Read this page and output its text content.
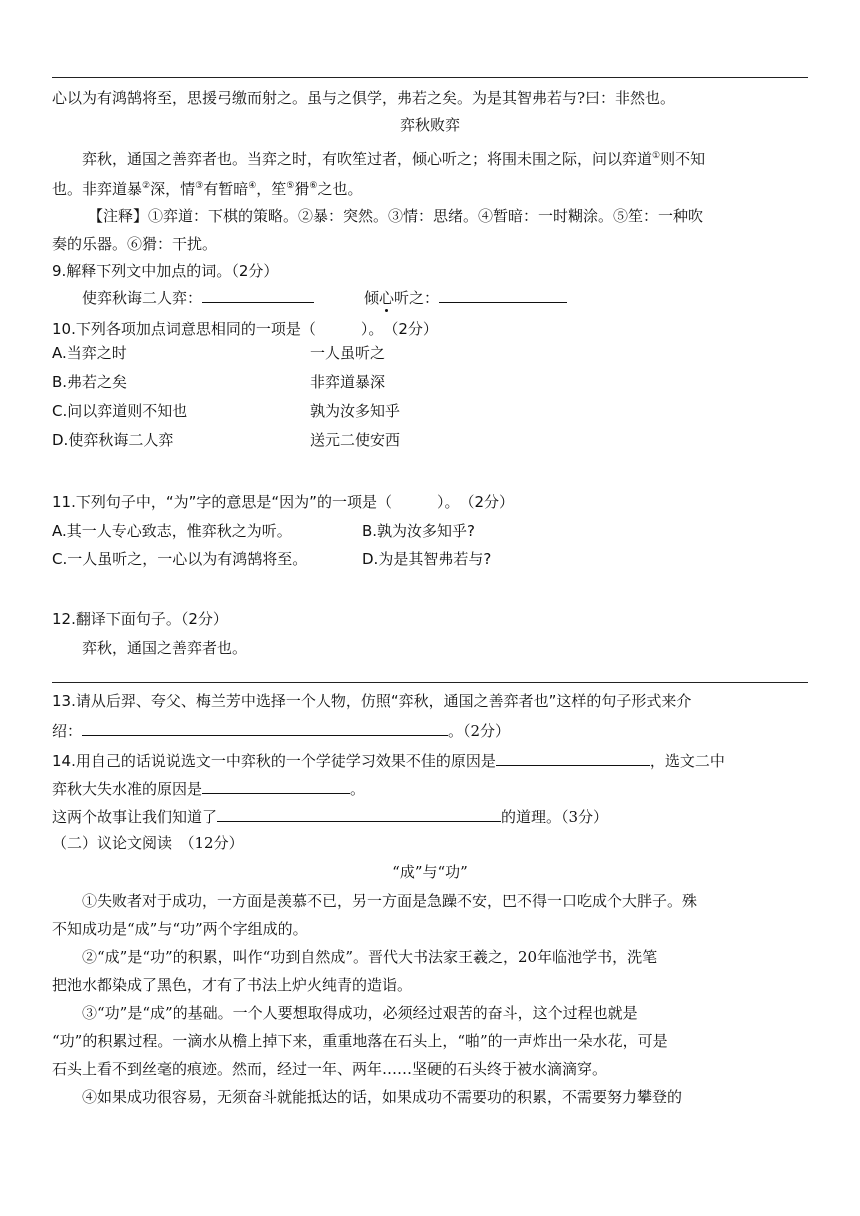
心以为有鸿鹄将至，思援弓缴而射之。虽与之俱学，弗若之矣。为是其智弗若与?曰：非然也。
弈秋败弈
弈秋，通国之善弈者也。当弈之时，有吹笙过者，倾心听之；将围未围之际，问以弈道①则不知
也。非弈道暴②深，情③有暂暗④，笙⑤猾⑥之也。
【注释】①弈道：下棋的策略。②暴：突然。③情：思绪。④暂暗：一时糊涂。⑤笙：一种吹
奏的乐器。⑥猾：干扰。
9.解释下列文中加点的词。（2分）
使弈秋诲二人弈：	倾心听之：
10.下列各项加点词意思相同的一项是（　　　）。　（2分）
A.当弈之时	一人虽听之
B.弗若之矣	非弈道暴深
C.问以弈道则不知也	孰为汝多知乎
D.使弈秋诲二人弈	送元二使安西
11.下列句子中，“为”字的意思是“因为”的一项是（　　　）。　（2分）
A.其一人专心致志，惟弈秋之为听。	B.孰为汝多知乎?
C.一人虽听之，一心以为有鸿鹄将至。	D.为是其智弗若与?
12.翻译下面句子。（2分）
弈秋，通国之善弈者也。
13.请从后羿、夸父、梅兰芳中选择一个人物，仿照“弈秋，通国之善弈者也”这样的句子形式来介
绍：	。（2分）
14.用自己的话说说选文一中弈秋的一个学徒学习效果不佳的原因是	，选文二中
弈秋大失水准的原因是	。
这两个故事让我们知道了	的道理。（3分）
（二）议论文阅读　（12分）
“成”与“功”
①失败者对于成功，一方面是羡慕不已，另一方面是急躁不安，巴不得一口吃成个大胖子。殊
不知成功是“成”与“功”两个字组成的。
②“成”是“功”的积累，叫作“功到自然成”。晋代大书法家王羲之，20年临池学书，洗笔
把池水都染成了黑色，才有了书法上炉火纯青的造诣。
③“功”是“成”的基础。一个人要想取得成功，必须经过艰苦的奋斗，这个过程也就是
“功”的积累过程。一滴水从檐上掉下来，重重地落在石头上，“啪”的一声炸出一朵水花，可是
石头上看不到丝毫的痕迹。然而，经过一年、两年……坚硬的石头终于被水滴滴穿。
④如果成功很容易，无须奋斗就能抵达的话，如果成功不需要功的积累，不需要努力攀登的
